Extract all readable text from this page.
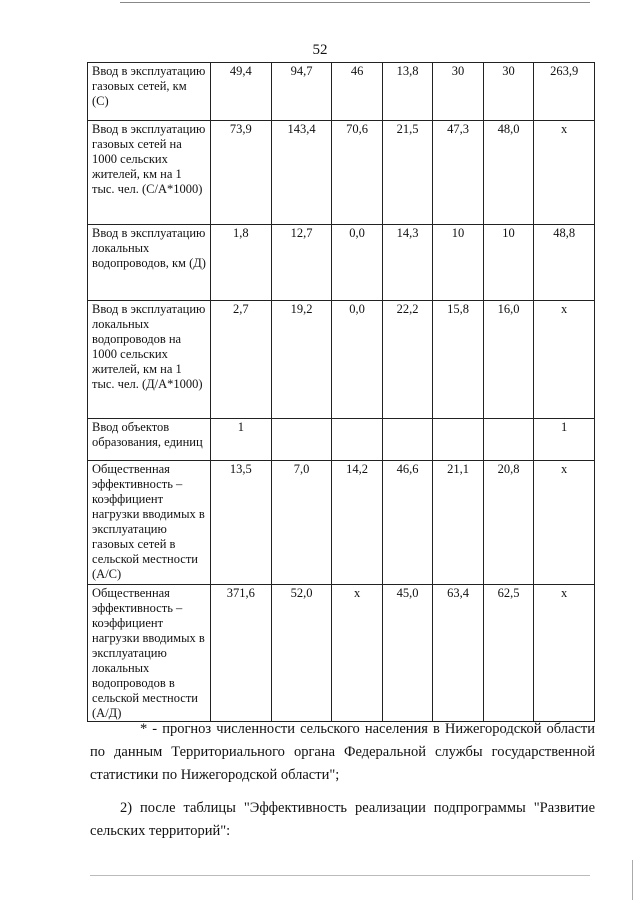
52
Ввод в эксплуатацию газовых сетей, км (С)	49,4	94,7	46	13,8	30	30	263,9
Ввод в эксплуатацию газовых сетей на 1000 сельских жителей, км на 1 тыс. чел. (С/А*1000)	73,9	143,4	70,6	21,5	47,3	48,0	х
Ввод в эксплуатацию локальных водопроводов, км (Д)	1,8	12,7	0,0	14,3	10	10	48,8
Ввод в эксплуатацию локальных водопроводов на 1000 сельских жителей, км на 1 тыс. чел. (Д/А*1000)	2,7	19,2	0,0	22,2	15,8	16,0	х
Ввод объектов образования, единиц	1						1
Общественная эффективность – коэффициент нагрузки вводимых в эксплуатацию газовых сетей в сельской местности (А/С)	13,5	7,0	14,2	46,6	21,1	20,8	х
Общественная эффективность – коэффициент нагрузки вводимых в эксплуатацию локальных водопроводов в сельской местности (А/Д)	371,6	52,0	х	45,0	63,4	62,5	х
* - прогноз численности сельского населения в Нижегородской области по данным Территориального органа Федеральной службы государственной статистики по Нижегородской области";
2) после таблицы "Эффективность реализации подпрограммы "Развитие сельских территорий":
